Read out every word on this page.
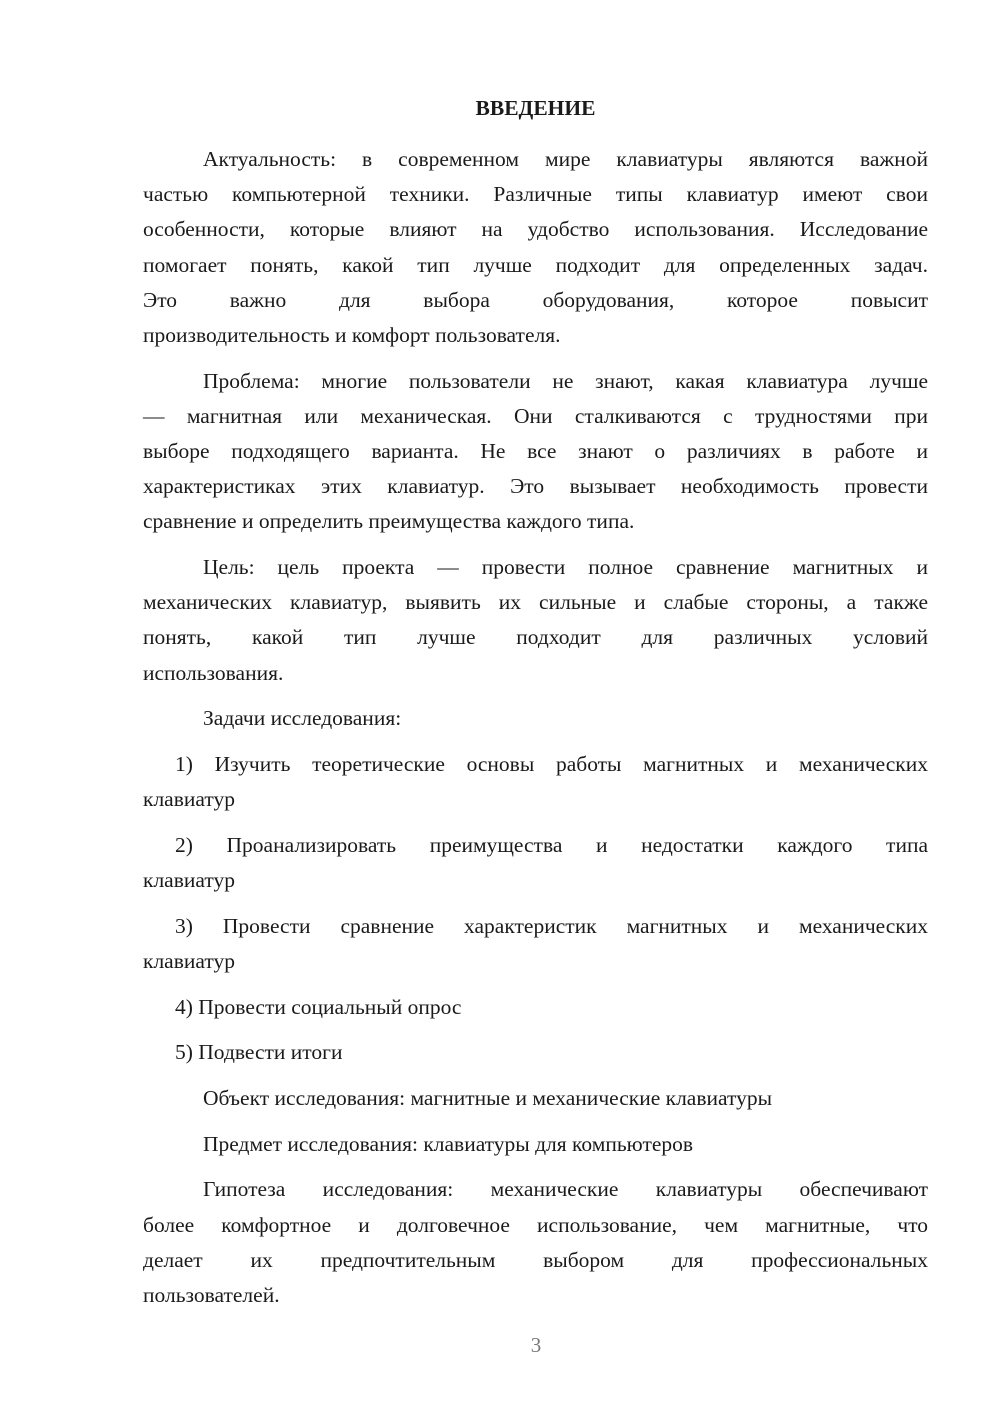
ВВЕДЕНИЕ
Актуальность: в современном мире клавиатуры являются важной
частью компьютерной техники. Различные типы клавиатур имеют свои
особенности, которые влияют на удобство использования. Исследование
помогает понять, какой тип лучше подходит для определенных задач.
Это важно для выбора оборудования, которое повысит
производительность и комфорт пользователя.
Проблема: многие пользователи не знают, какая клавиатура лучше
— магнитная или механическая. Они сталкиваются с трудностями при
выборе подходящего варианта. Не все знают о различиях в работе и
характеристиках этих клавиатур. Это вызывает необходимость провести
сравнение и определить преимущества каждого типа.
Цель: цель проекта — провести полное сравнение магнитных и
механических клавиатур, выявить их сильные и слабые стороны, а также
понять, какой тип лучше подходит для различных условий
использования.
Задачи исследования:
1) Изучить теоретические основы работы магнитных и механических
клавиатур
2) Проанализировать преимущества и недостатки каждого типа
клавиатур
3) Провести сравнение характеристик магнитных и механических
клавиатур
4) Провести социальный опрос
5) Подвести итоги
Объект исследования: магнитные и механические клавиатуры
Предмет исследования: клавиатуры для компьютеров
Гипотеза исследования: механические клавиатуры обеспечивают
более комфортное и долговечное использование, чем магнитные, что
делает их предпочтительным выбором для профессиональных
пользователей.
3
